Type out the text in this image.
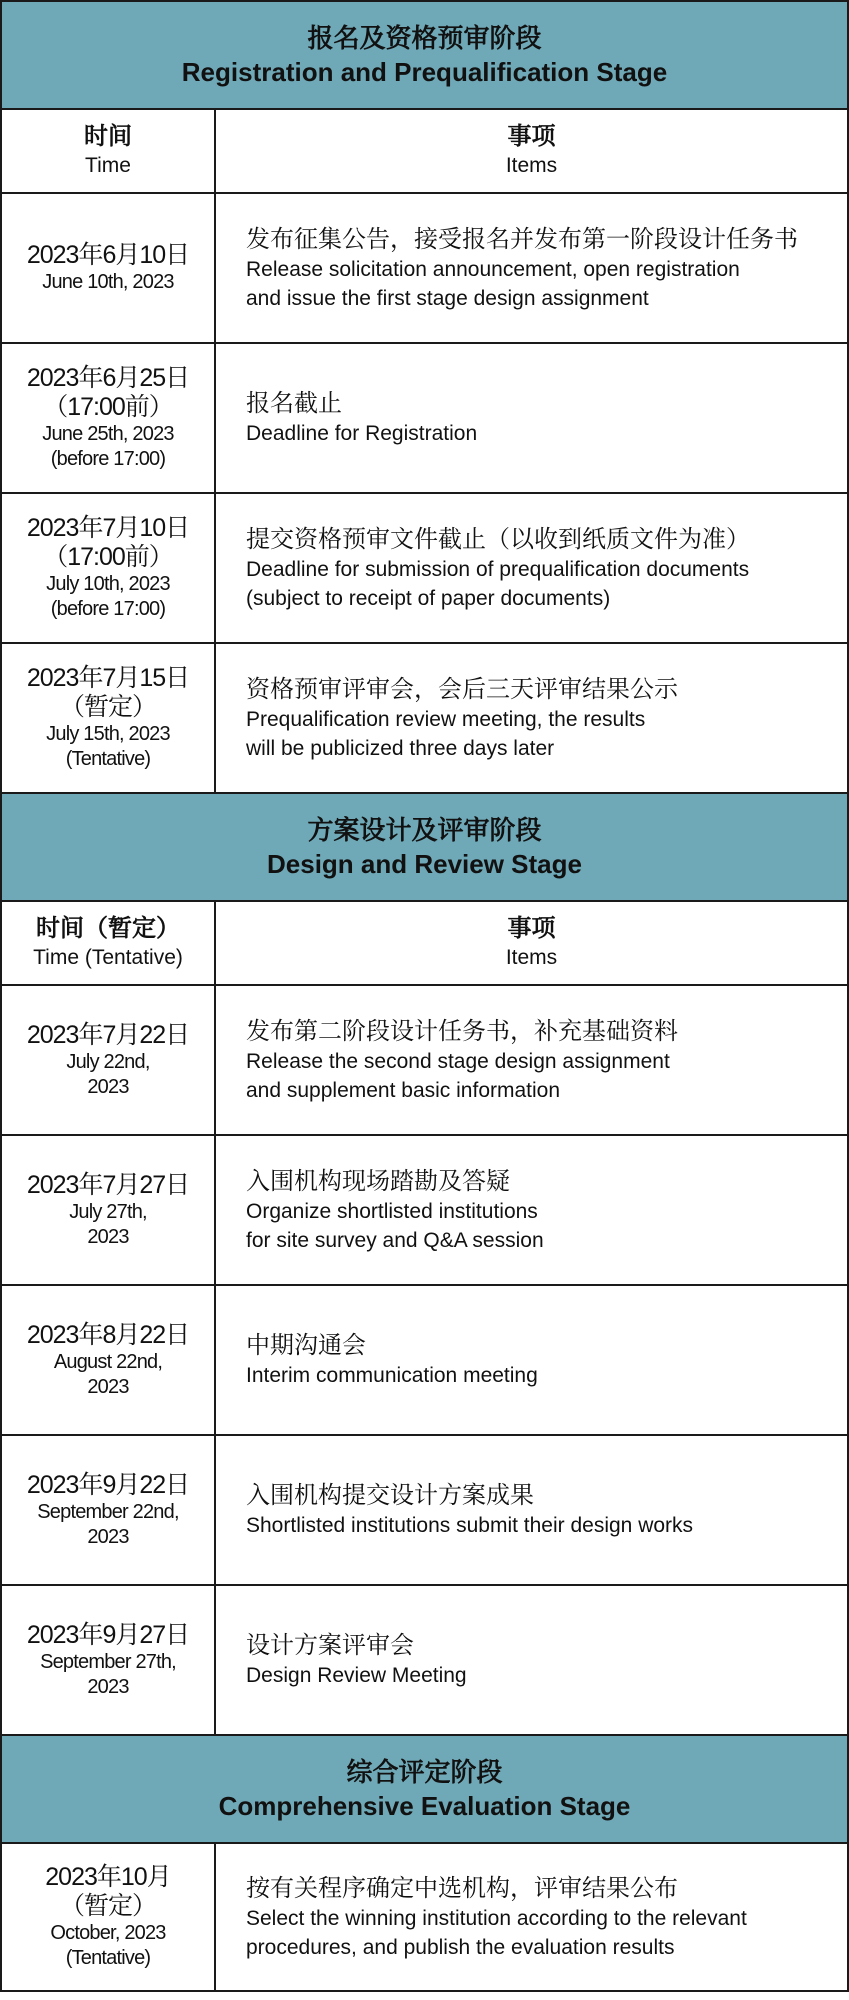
报名及资格预审阶段
Registration and Prequalification Stage
时间
Time
事项
Items
2023年6月10日
June 10th, 2023
发布征集公告，接受报名并发布第一阶段设计任务书
Release solicitation announcement, open registration
and issue the first stage design assignment
2023年6月25日
（17:00前）
June 25th, 2023
(before 17:00)
报名截止
Deadline for Registration
2023年7月10日
（17:00前）
July 10th, 2023
(before 17:00)
提交资格预审文件截止（以收到纸质文件为准）
Deadline for submission of prequalification documents
(subject to receipt of paper documents)
2023年7月15日
（暂定）
July 15th, 2023
(Tentative)
资格预审评审会，会后三天评审结果公示
Prequalification review meeting, the results
will be publicized three days later
方案设计及评审阶段
Design and Review Stage
时间（暂定）
Time (Tentative)
事项
Items
2023年7月22日
July 22nd,
2023
发布第二阶段设计任务书，补充基础资料
Release the second stage design assignment
and supplement basic information
2023年7月27日
July 27th,
2023
入围机构现场踏勘及答疑
Organize shortlisted institutions
for site survey and Q&A session
2023年8月22日
August 22nd,
2023
中期沟通会
Interim communication meeting
2023年9月22日
September 22nd,
2023
入围机构提交设计方案成果
Shortlisted institutions submit their design works
2023年9月27日
September 27th,
2023
设计方案评审会
Design Review Meeting
综合评定阶段
Comprehensive Evaluation Stage
2023年10月
（暂定）
October, 2023
(Tentative)
按有关程序确定中选机构，评审结果公布
Select the winning institution according to the relevant
procedures, and publish the evaluation results
